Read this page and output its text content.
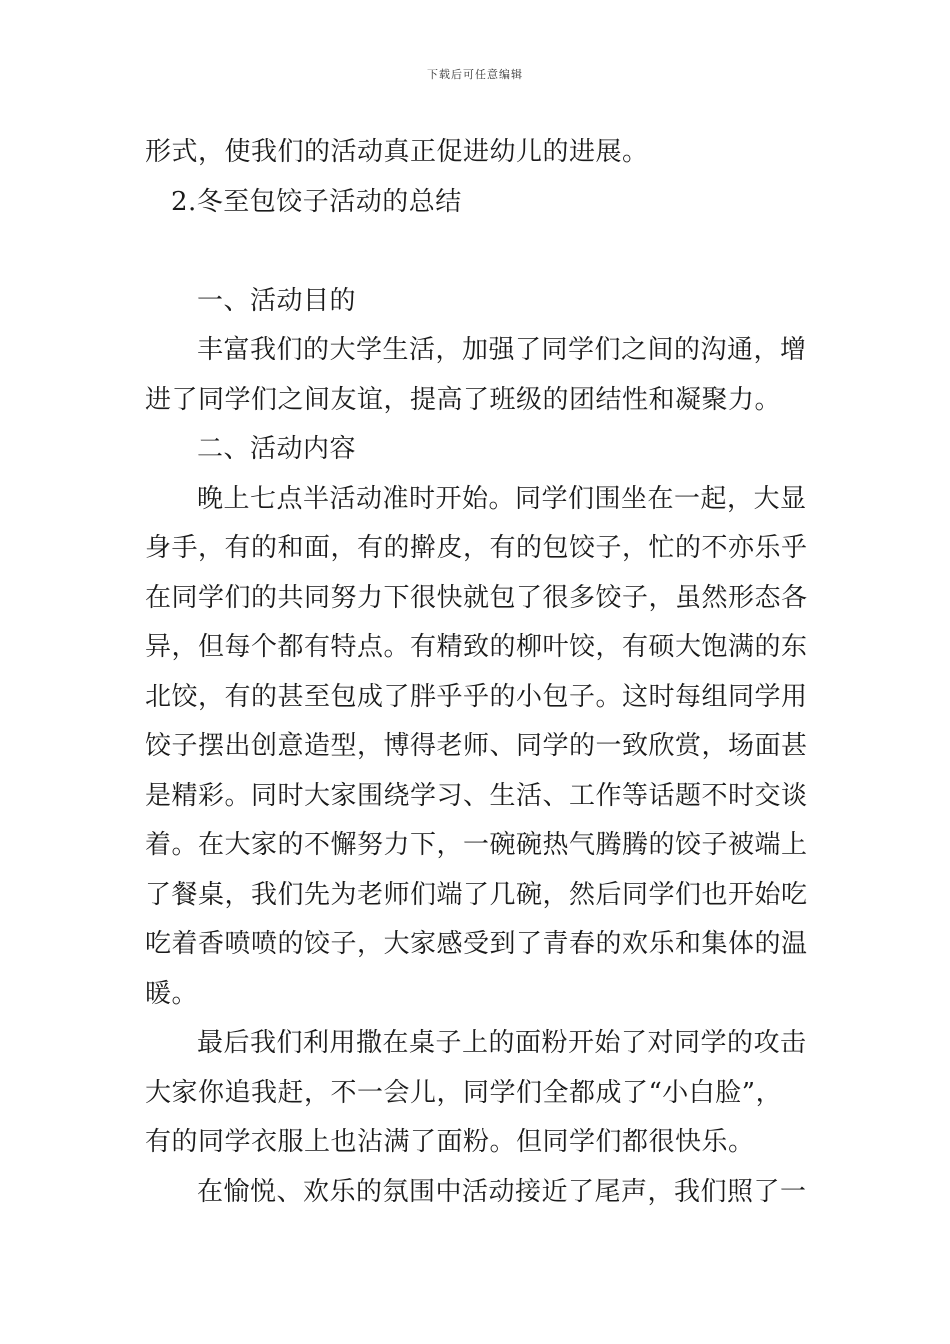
下载后可任意编辑
形式，使我们的活动真正促进幼儿的进展。
2.冬至包饺子活动的总结
一、活动目的
丰富我们的大学生活，加强了同学们之间的沟通，增
进了同学们之间友谊，提高了班级的团结性和凝聚力。
二、活动内容
晚上七点半活动准时开始。同学们围坐在一起，大显
身手，有的和面，有的擀皮，有的包饺子，忙的不亦乐乎
在同学们的共同努力下很快就包了很多饺子，虽然形态各
异，但每个都有特点。有精致的柳叶饺，有硕大饱满的东
北饺，有的甚至包成了胖乎乎的小包子。这时每组同学用
饺子摆出创意造型，博得老师、同学的一致欣赏，场面甚
是精彩。同时大家围绕学习、生活、工作等话题不时交谈
着。在大家的不懈努力下，一碗碗热气腾腾的饺子被端上
了餐桌，我们先为老师们端了几碗，然后同学们也开始吃
吃着香喷喷的饺子，大家感受到了青春的欢乐和集体的温
暖。
最后我们利用撒在桌子上的面粉开始了对同学的攻击
大家你追我赶，不一会儿，同学们全都成了“小白脸”，
有的同学衣服上也沾满了面粉。但同学们都很快乐。
在愉悦、欢乐的氛围中活动接近了尾声，我们照了一
